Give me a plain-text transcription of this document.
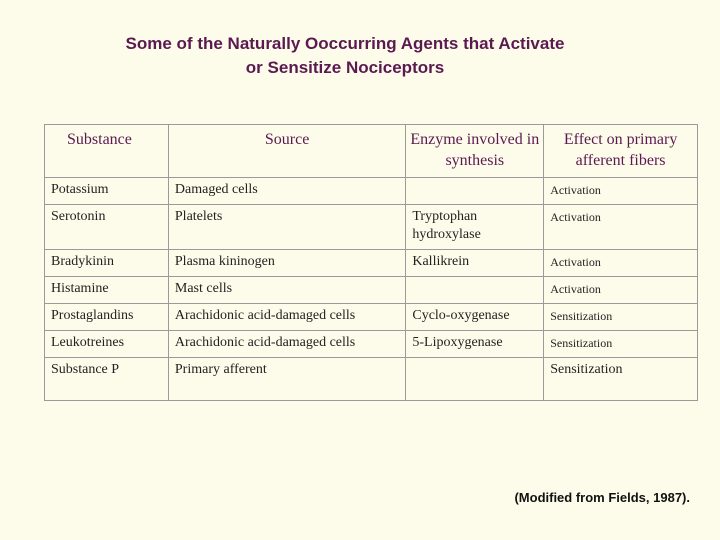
Some of the Naturally Ooccurring Agents that Activate
or Sensitize Nociceptors
Substance	Source	Enzyme involved in synthesis	Effect on primary afferent fibers
Potassium	Damaged cells		Activation
Serotonin	Platelets	Tryptophan hydroxylase	Activation
Bradykinin	Plasma kininogen	Kallikrein	Activation
Histamine	Mast cells		Activation
Prostaglandins	Arachidonic acid-damaged cells	Cyclo-oxygenase	Sensitization
Leukotreines	Arachidonic acid-damaged cells	5-Lipoxygenase	Sensitization
Substance P	Primary afferent		Sensitization
(Modified from Fields, 1987).
